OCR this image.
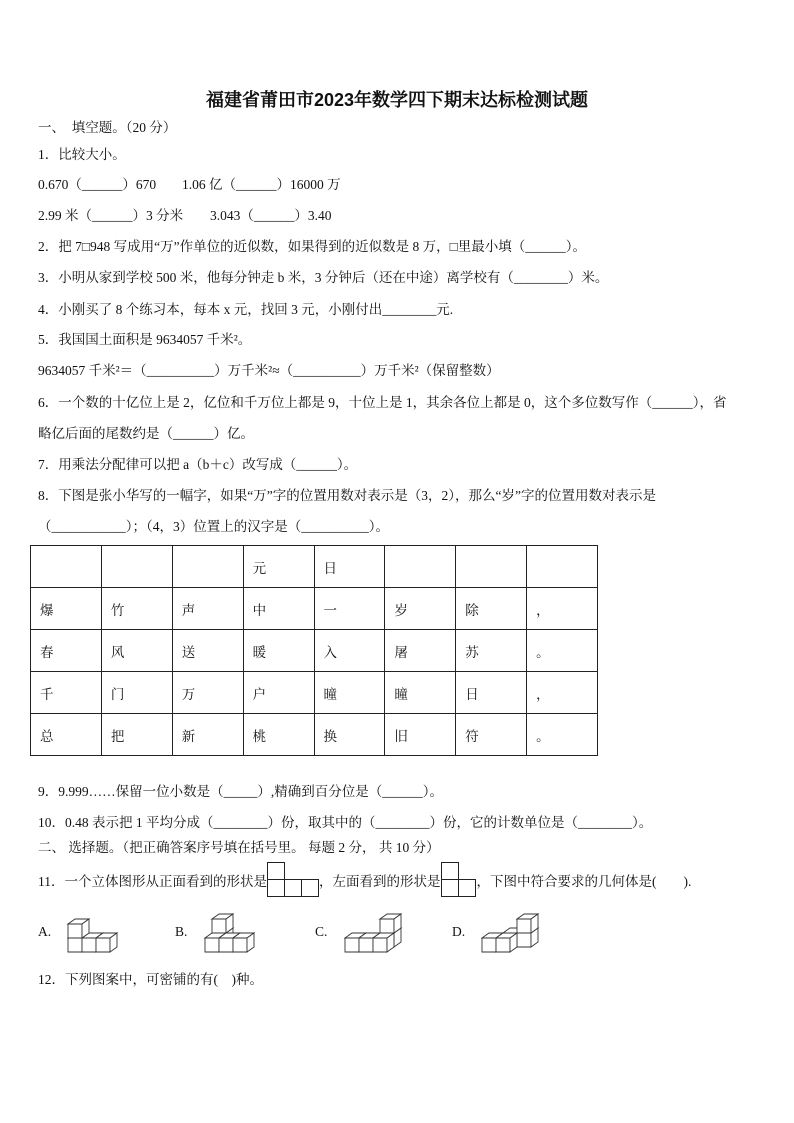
福建省莆田市2023年数学四下期末达标检测试题
一、  填空题。（20 分）
1．比较大小。
0.670（______）670 1.06 亿（______）16000 万
2.99 米（______）3 分米 3.043（______）3.40
2．把 7□948 写成用“万”作单位的近似数，如果得到的近似数是 8 万，□里最小填（______）。
3．小明从家到学校 500 米，他每分钟走 b 米，3 分钟后（还在中途）离学校有（________）米。
4．小刚买了 8 个练习本，每本 x 元，找回 3 元，小刚付出________元.
5．我国国土面积是 9634057 千米²。
9634057 千米²＝（__________）万千米²≈（__________）万千米²（保留整数）
6．一个数的十亿位上是 2，亿位和千万位上都是 9，十位上是 1，其余各位上都是 0，这个多位数写作（______），省
略亿后面的尾数约是（______）亿。
7．用乘法分配律可以把 a（b＋c）改写成（______）。
8．下图是张小华写的一幅字，如果“万”字的位置用数对表示是（3，2），那么“岁”字的位置用数对表示是
（___________）；（4，3）位置上的汉字是（__________）。
			元	日			
爆	竹	声	中	一	岁	除	，
春	风	送	暖	入	屠	苏	。
千	门	万	户	曈	曈	日	，
总	把	新	桃	换	旧	符	。
9．9.999……保留一位小数是（_____）,精确到百分位是（______）。
10．0.48 表示把 1 平均分成（________）份，取其中的（________）份，它的计数单位是（________）。
二、 选择题。（把正确答案序号填在括号里。 每题 2 分， 共 10 分）
11．一个立体图形从正面看到的形状是	，左面看到的形状是	，下图中符合要求的几何体是(　　).
A.	B.	C.	D.
12．下列图案中，可密铺的有(　)种。
